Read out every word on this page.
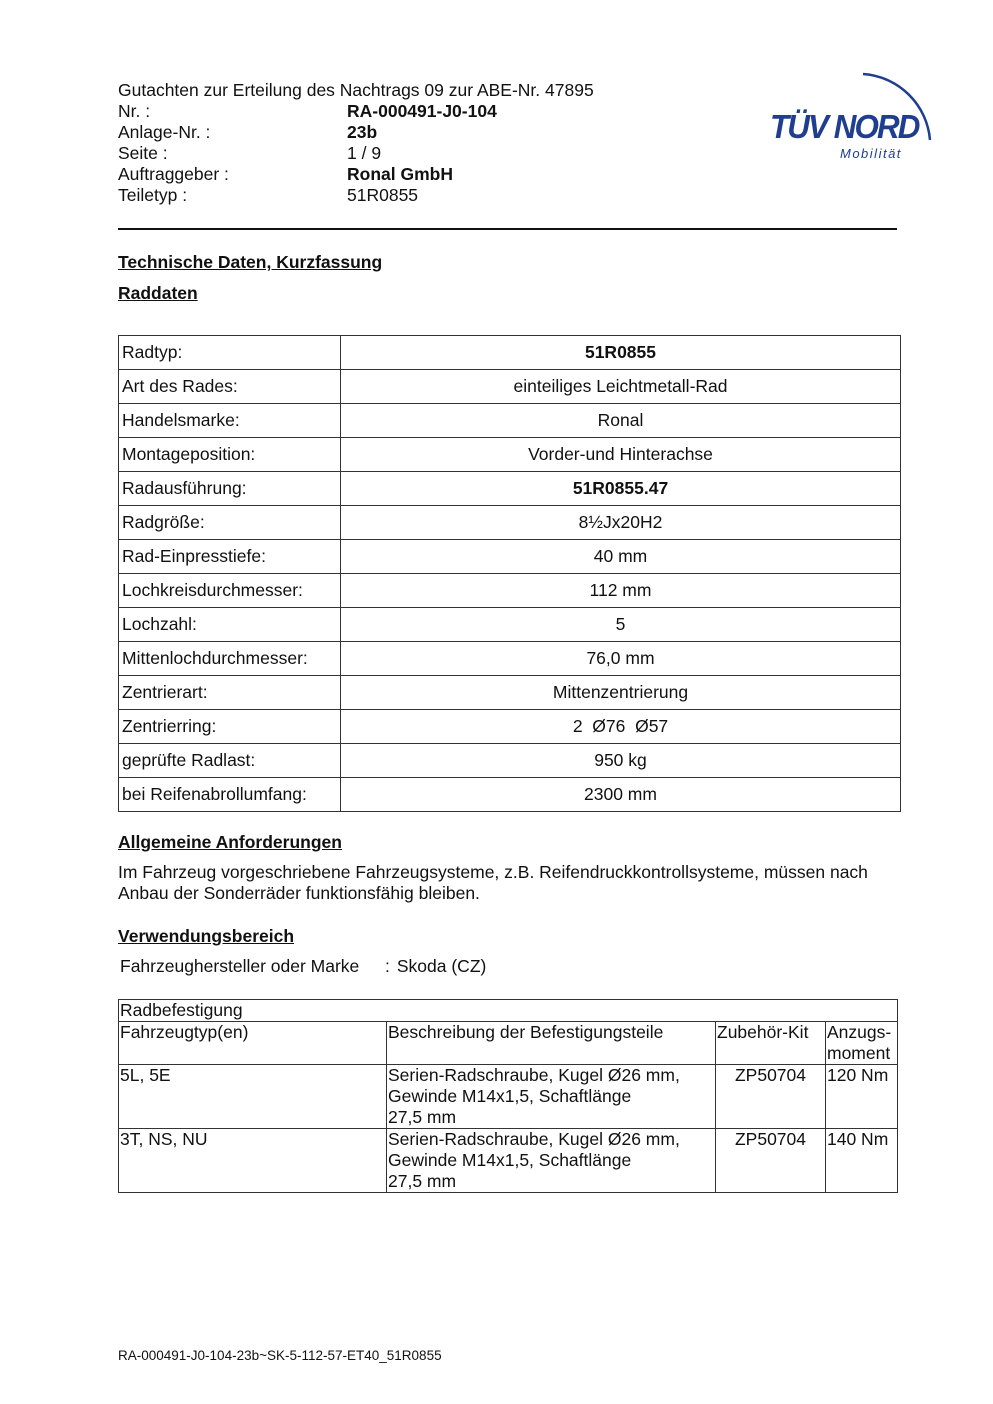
Gutachten zur Erteilung des Nachtrags 09 zur ABE-Nr. 47895
Nr. :	RA-000491-J0-104
Anlage-Nr. :	23b
Seite :	1 / 9
Auftraggeber :	Ronal GmbH
Teiletyp :	51R0855
TÜV NORD
Mobilität
Technische Daten, Kurzfassung
Raddaten
Radtyp:	51R0855
Art des Rades:	einteiliges Leichtmetall-Rad
Handelsmarke:	Ronal
Montageposition:	Vorder-und Hinterachse
Radausführung:	51R0855.47
Radgröße:	8½Jx20H2
Rad-Einpresstiefe:	40 mm
Lochkreisdurchmesser:	112 mm
Lochzahl:	5
Mittenlochdurchmesser:	76,0 mm
Zentrierart:	Mittenzentrierung
Zentrierring:	2  Ø76  Ø57
geprüfte Radlast:	950 kg
bei Reifenabrollumfang:	2300 mm
Allgemeine Anforderungen
Im Fahrzeug vorgeschriebene Fahrzeugsysteme, z.B. Reifendruckkontrollsysteme, müssen nach Anbau der Sonderräder funktionsfähig bleiben.
Verwendungsbereich
Fahrzeughersteller oder Marke	: Skoda (CZ)
Radbefestigung			
Fahrzeugtyp(en)	Beschreibung der Befestigungsteile	Zubehör-Kit	Anzugs-
moment
5L, 5E	Serien-Radschraube, Kugel Ø26 mm,
Gewinde M14x1,5, Schaftlänge
27,5 mm	ZP50704	120 Nm
3T, NS, NU	Serien-Radschraube, Kugel Ø26 mm,
Gewinde M14x1,5, Schaftlänge
27,5 mm	ZP50704	140 Nm
RA-000491-J0-104-23b~SK-5-112-57-ET40_51R0855
